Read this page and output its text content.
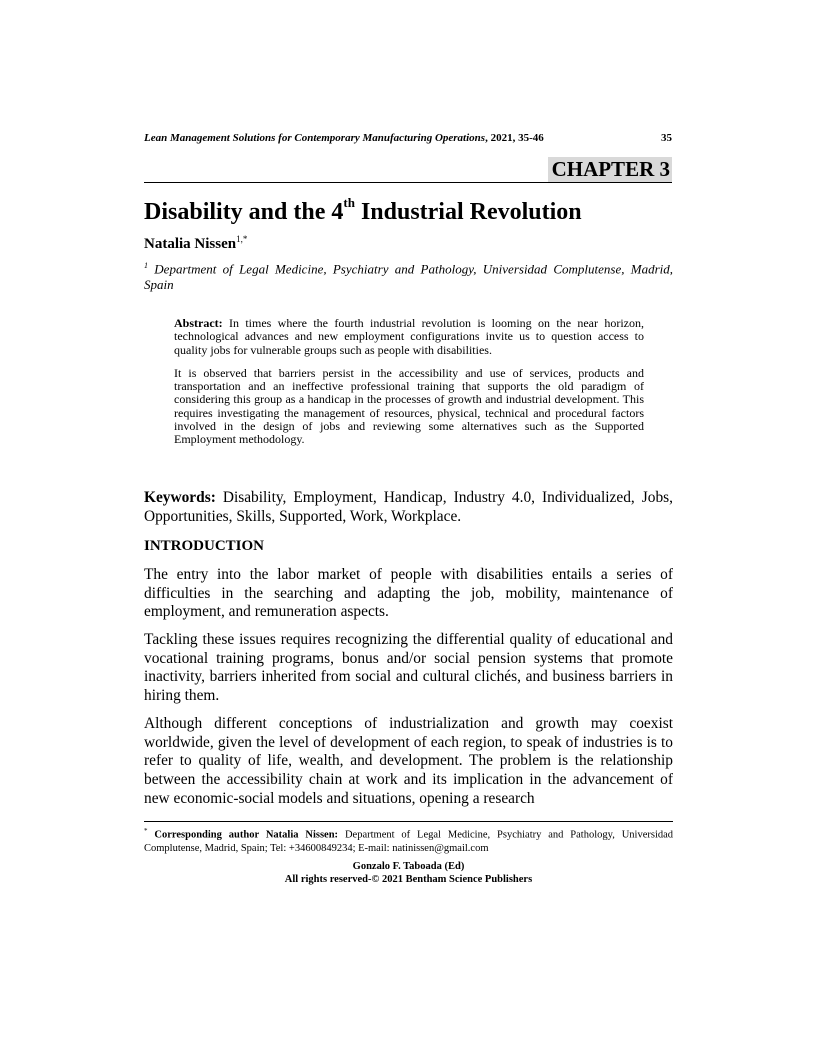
Lean Management Solutions for Contemporary Manufacturing Operations, 2021, 35-46	35
CHAPTER 3
Disability and the 4th Industrial Revolution
Natalia Nissen$^{1,*}$
$^1$ Department of Legal Medicine, Psychiatry and Pathology, Universidad Complutense, Madrid, Spain

Abstract: In times where the fourth industrial revolution is looming on the near horizon, technological advances and new employment configurations invite us to question access to quality jobs for vulnerable groups such as people with disabilities.

It is observed that barriers persist in the accessibility and use of services, products and transportation and an ineffective professional training that supports the old paradigm of considering this group as a handicap in the processes of growth and industrial development. This requires investigating the management of resources, physical, technical and procedural factors involved in the design of jobs and reviewing some alternatives such as the Supported Employment methodology.

Keywords: Disability, Employment, Handicap, Industry 4.0, Individualized, Jobs, Opportunities, Skills, Supported, Work, Workplace.
INTRODUCTION

The entry into the labor market of people with disabilities entails a series of difficulties in the searching and adapting the job, mobility, maintenance of employment, and remuneration aspects.

Tackling these issues requires recognizing the differential quality of educational and vocational training programs, bonus and/or social pension systems that promote inactivity, barriers inherited from social and cultural clichés, and business barriers in hiring them.

Although different conceptions of industrialization and growth may coexist worldwide, given the level of development of each region, to speak of industries is to refer to quality of life, wealth, and development. The problem is the relationship between the accessibility chain at work and its implication in the advancement of new economic-social models and situations, opening a research

* Corresponding author Natalia Nissen: Department of Legal Medicine, Psychiatry and Pathology, Universidad Complutense, Madrid, Spain; Tel: +34600849234; E-mail: natinissen@gmail.com
Gonzalo F. Taboada (Ed)
All rights reserved-© 2021 Bentham Science Publishers
